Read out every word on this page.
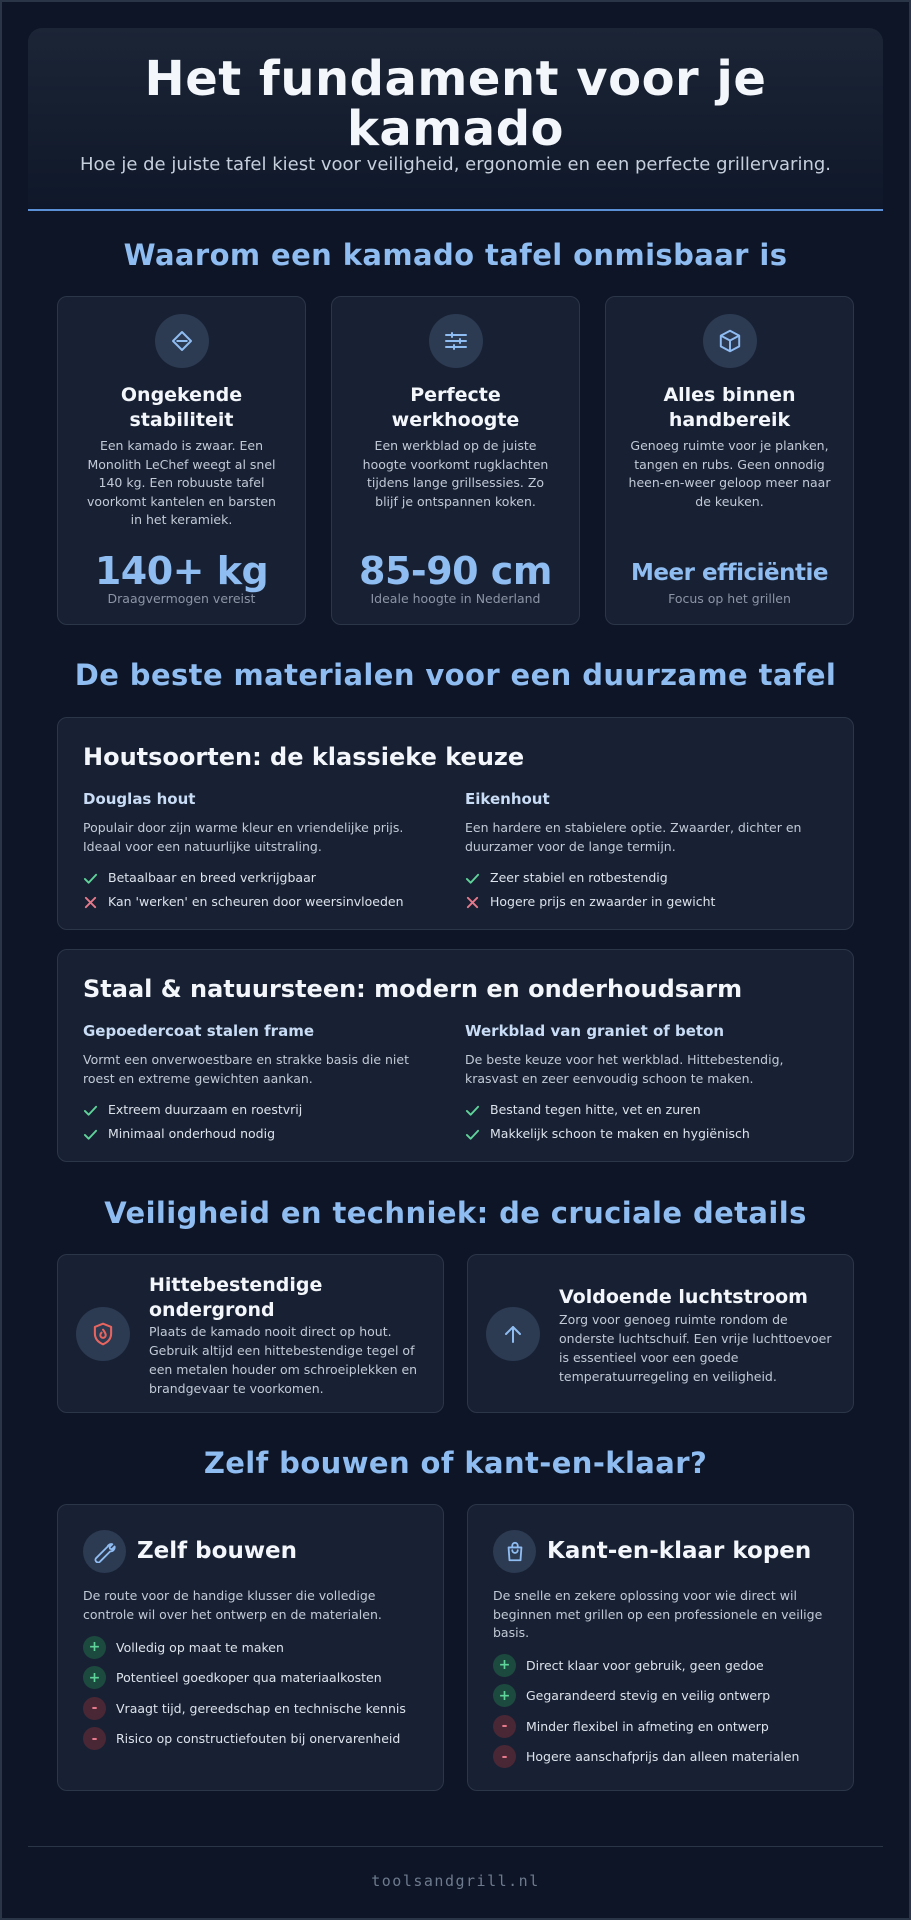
Het fundament voor je
kamado

Hoe je de juiste tafel kiest voor veiligheid, ergonomie en een perfecte grillervaring.

Waarom een kamado tafel onmisbaar is
Ongekende
stabiliteit
Een kamado is zwaar. Een Monolith LeChef weegt al snel 140 kg. Een robuuste tafel voorkomt kantelen en barsten in het keramiek.
140+ kg
Draagvermogen vereist
Perfecte
werkhoogte
Een werkblad op de juiste hoogte voorkomt rugklachten tijdens lange grillsessies. Zo blijf je ontspannen koken.
85-90 cm
Ideale hoogte in Nederland
Alles binnen
handbereik
Genoeg ruimte voor je planken, tangen en rubs. Geen onnodig heen-en-weer geloop meer naar de keuken.
Meer efficiëntie
Focus op het grillen
De beste materialen voor een duurzame tafel
Houtsoorten: de klassieke keuze
Douglas hout
Populair door zijn warme kleur en vriendelijke prijs. Ideaal voor een natuurlijke uitstraling.
Betaalbaar en breed verkrijgbaar
Kan 'werken' en scheuren door weersinvloeden
Eikenhout
Een hardere en stabielere optie. Zwaarder, dichter en duurzamer voor de lange termijn.
Zeer stabiel en rotbestendig
Hogere prijs en zwaarder in gewicht
Staal & natuursteen: modern en onderhoudsarm
Gepoedercoat stalen frame
Vormt een onverwoestbare en strakke basis die niet roest en extreme gewichten aankan.
Extreem duurzaam en roestvrij
Minimaal onderhoud nodig
Werkblad van graniet of beton
De beste keuze voor het werkblad. Hittebestendig, krasvast en zeer eenvoudig schoon te maken.
Bestand tegen hitte, vet en zuren
Makkelijk schoon te maken en hygiënisch
Veiligheid en techniek: de cruciale details
Hittebestendige
ondergrond
Plaats de kamado nooit direct op hout. Gebruik altijd een hittebestendige tegel of een metalen houder om schroeiplekken en brandgevaar te voorkomen.
Voldoende luchtstroom
Zorg voor genoeg ruimte rondom de onderste luchtschuif. Een vrije luchttoevoer is essentieel voor een goede temperatuurregeling en veiligheid.
Zelf bouwen of kant-en-klaar?
Zelf bouwen
De route voor de handige klusser die volledige controle wil over het ontwerp en de materialen.
+	Volledig op maat te maken
+	Potentieel goedkoper qua materiaalkosten
-	Vraagt tijd, gereedschap en technische kennis
-	Risico op constructiefouten bij onervarenheid
Kant-en-klaar kopen
De snelle en zekere oplossing voor wie direct wil beginnen met grillen op een professionele en veilige basis.
+	Direct klaar voor gebruik, geen gedoe
+	Gegarandeerd stevig en veilig ontwerp
-	Minder flexibel in afmeting en ontwerp
-	Hogere aanschafprijs dan alleen materialen
toolsandgrill.nl
